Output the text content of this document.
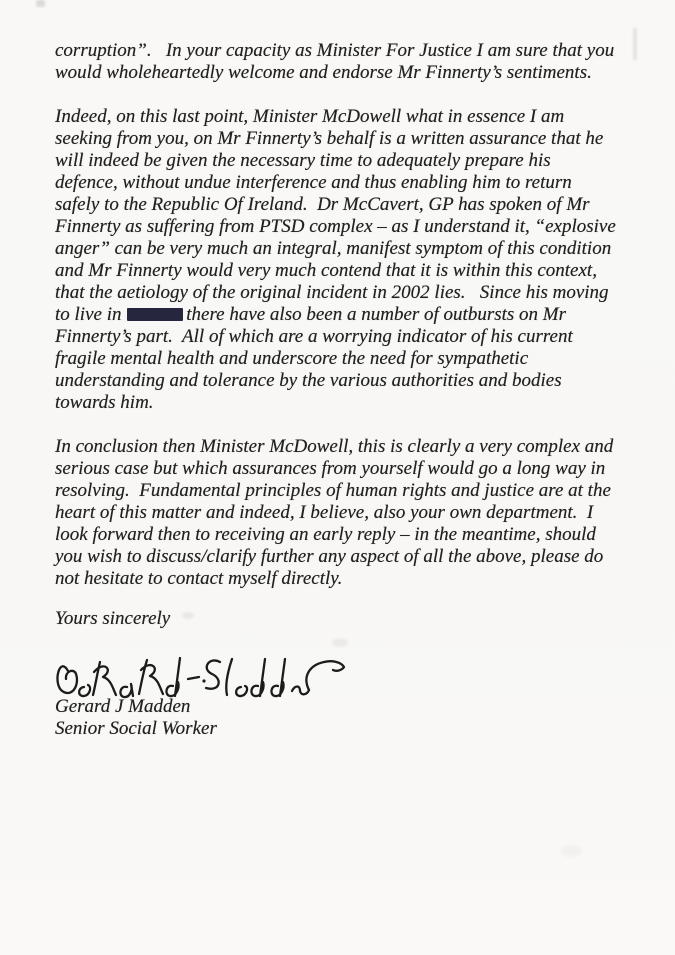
corruption”.   In your capacity as Minister For Justice I am sure that you
would wholeheartedly welcome and endorse Mr Finnerty’s sentiments.
Indeed, on this last point, Minister McDowell what in essence I am
seeking from you, on Mr Finnerty’s behalf is a written assurance that he
will indeed be given the necessary time to adequately prepare his
defence, without undue interference and thus enabling him to return
safely to the Republic Of Ireland.  Dr McCavert, GP has spoken of Mr
Finnerty as suffering from PTSD complex – as I understand it, “explosive
anger” can be very much an integral, manifest symptom of this condition
and Mr Finnerty would very much contend that it is within this context,
that the aetiology of the original incident in 2002 lies.   Since his moving
to live in	there have also been a number of outbursts on Mr
Finnerty’s part.  All of which are a worrying indicator of his current
fragile mental health and underscore the need for sympathetic
understanding and tolerance by the various authorities and bodies
towards him.
In conclusion then Minister McDowell, this is clearly a very complex and
serious case but which assurances from yourself would go a long way in
resolving.  Fundamental principles of human rights and justice are at the
heart of this matter and indeed, I believe, also your own department.  I
look forward then to receiving an early reply – in the meantime, should
you wish to discuss/clarify further any aspect of all the above, please do
not hesitate to contact myself directly.
Yours sincerely
Gerard J Madden
Senior Social Worker
